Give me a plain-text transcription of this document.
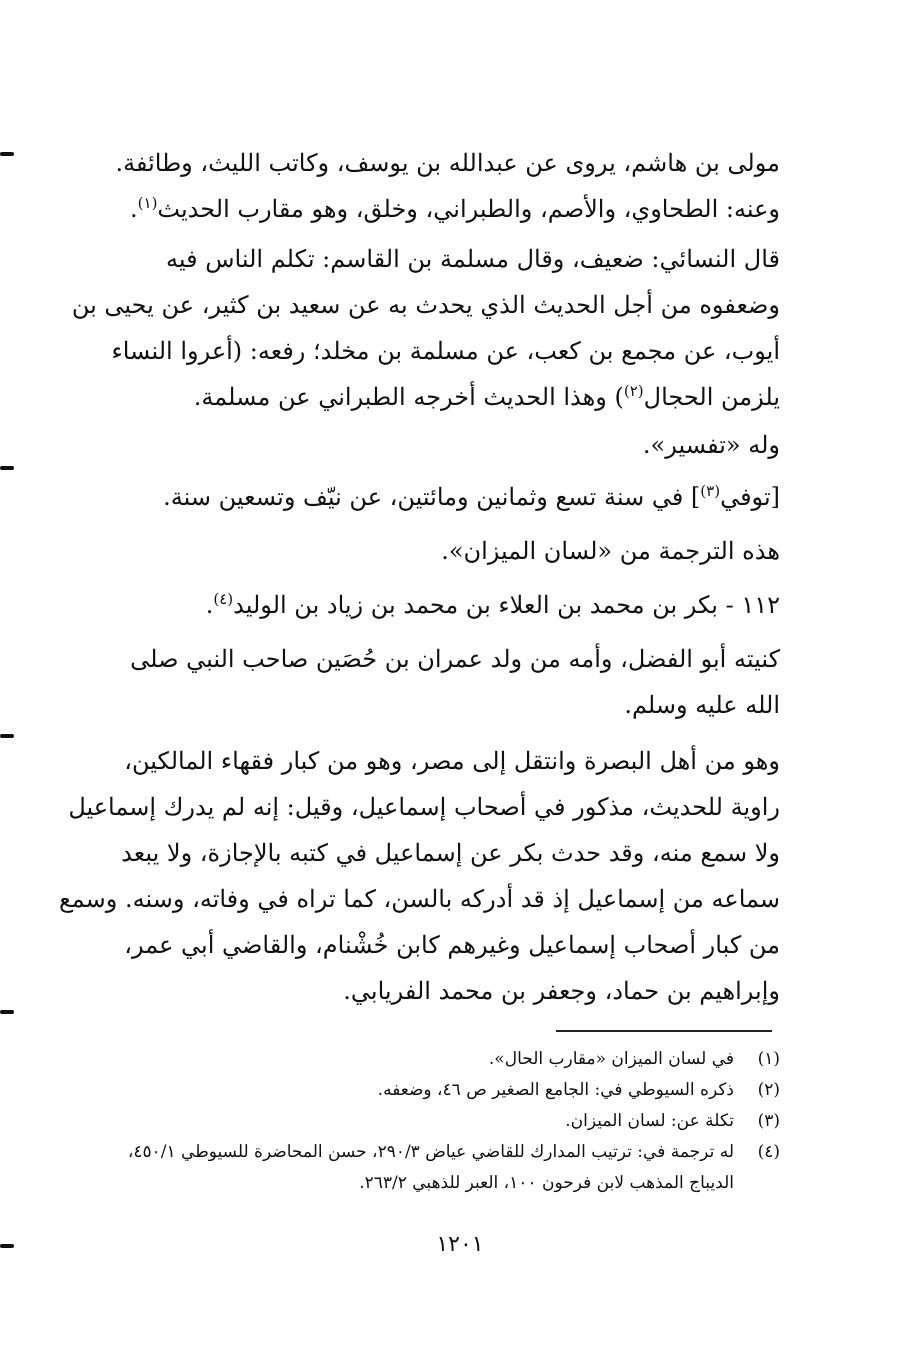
مولى بن هاشم، يروى عن عبدالله بن يوسف، وكاتب الليث، وطائفة.
وعنه: الطحاوي، والأصم، والطبراني، وخلق، وهو مقارب الحديث$^{(١)}$.
قال النسائي: ضعيف، وقال مسلمة بن القاسم: تكلم الناس فيه
وضعفوه من أجل الحديث الذي يحدث به عن سعيد بن كثير، عن يحيى بن
أيوب، عن مجمع بن كعب، عن مسلمة بن مخلد؛ رفعه: (أعروا النساء
يلزمن الحجال$^{(٢)}$) وهذا الحديث أخرجه الطبراني عن مسلمة.
وله «تفسير».
[توفي$^{(٣)}$] في سنة تسع وثمانين ومائتين، عن نيّف وتسعين سنة.
هذه الترجمة من «لسان الميزان».
١١٢ - بكر بن محمد بن العلاء بن محمد بن زياد بن الوليد$^{(٤)}$.
كنيته أبو الفضل، وأمه من ولد عمران بن حُصَين صاحب النبي صلى
الله عليه وسلم.
وهو من أهل البصرة وانتقل إلى مصر، وهو من كبار فقهاء المالكين،
راوية للحديث، مذكور في أصحاب إسماعيل، وقيل: إنه لم يدرك إسماعيل
ولا سمع منه، وقد حدث بكر عن إسماعيل في كتبه بالإجازة، ولا يبعد
سماعه من إسماعيل إذ قد أدركه بالسن، كما تراه في وفاته، وسنه. وسمع
من كبار أصحاب إسماعيل وغيرهم كابن خُشْنام، والقاضي أبي عمر،
وإبراهيم بن حماد، وجعفر بن محمد الفريابي.
(١)
في لسان الميزان «مقارب الحال».
(٢)
ذكره السيوطي في: الجامع الصغير ص ٤٦، وضعفه.
(٣)
تكلة عن: لسان الميزان.
(٤)
له ترجمة في: ترتيب المدارك للقاضي عياض ٢٩٠/٣، حسن المحاضرة للسيوطي ٤٥٠/١،
الديباج المذهب لابن فرحون ١٠٠، العبر للذهبي ٢٦٣/٢.
١٢٠١
